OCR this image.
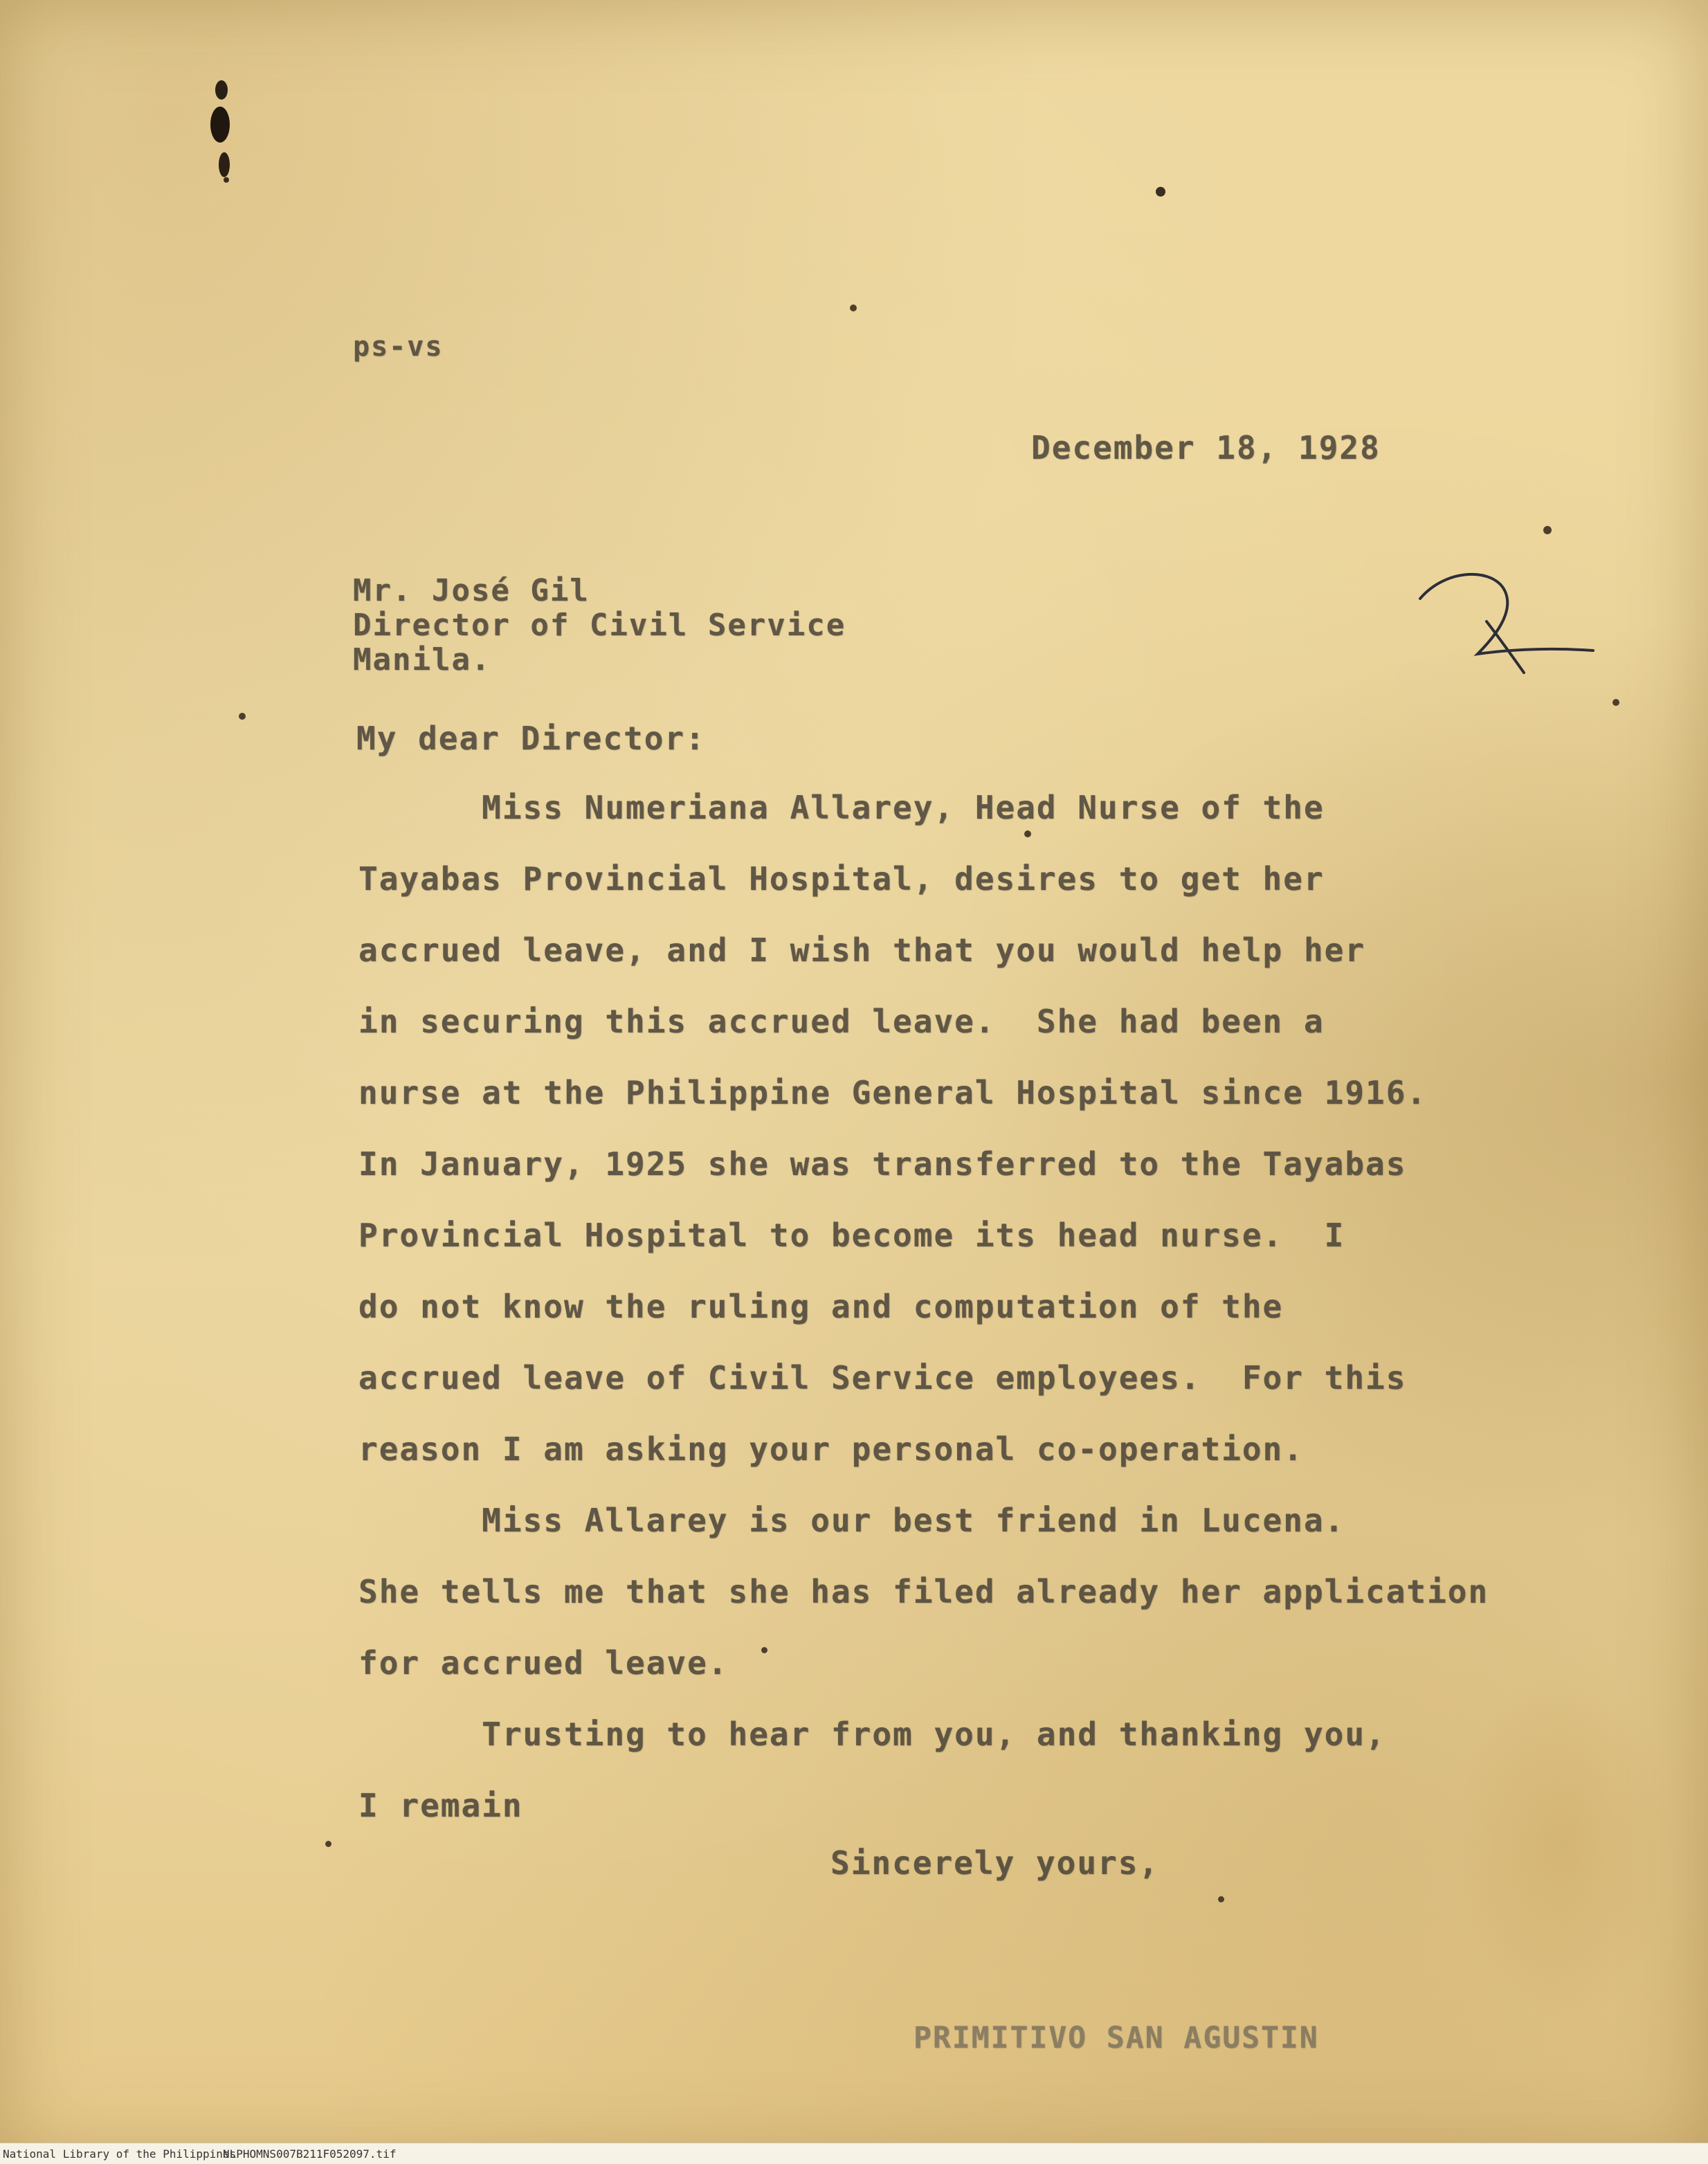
ps-vs
December 18, 1928
Mr. José Gil
Director of Civil Service
Manila.
My dear Director:
Miss Numeriana Allarey, Head Nurse of the
Tayabas Provincial Hospital, desires to get her
accrued leave, and I wish that you would help her
in securing this accrued leave.  She had been a
nurse at the Philippine General Hospital since 1916.
In January, 1925 she was transferred to the Tayabas
Provincial Hospital to become its head nurse.  I
do not know the ruling and computation of the
accrued leave of Civil Service employees.  For this
reason I am asking your personal co-operation.
Miss Allarey is our best friend in Lucena.
She tells me that she has filed already her application
for accrued leave.
Trusting to hear from you, and thanking you,
I remain
Sincerely yours,
PRIMITIVO SAN AGUSTIN
National Library of the Philippines
NLPHOMNS007B211F052097.tif
